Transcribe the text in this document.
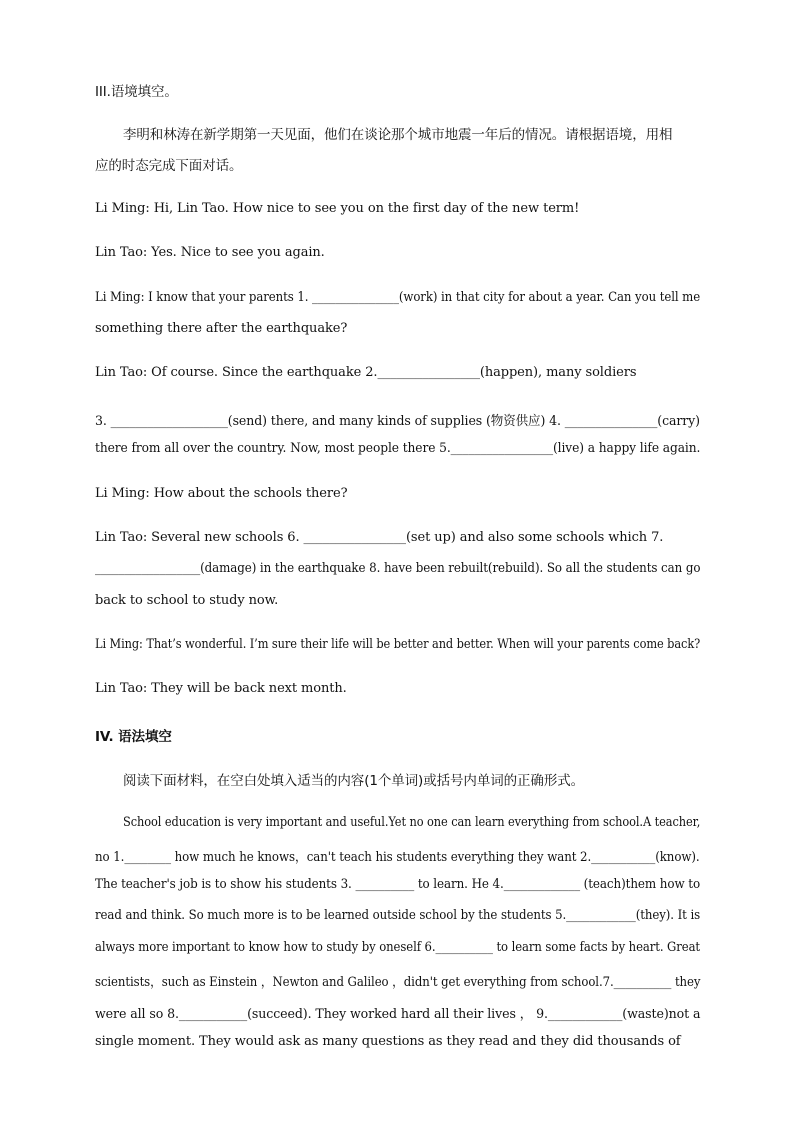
III.语境填空。
李明和林涛在新学期第一天见面，他们在谈论那个城市地震一年后的情况。请根据语境，用相
应的时态完成下面对话。
Li Ming: Hi, Lin Tao. How nice to see you on the first day of the new term!
Lin Tao: Yes. Nice to see you again.
Li Ming: I know that your parents 1. _______________(work) in that city for about a year. Can you tell me
something there after the earthquake?
Lin Tao: Of course. Since the earthquake 2.________________(happen), many soldiers
3. ___________________(send) there, and many kinds of supplies (物资供应) 4. _______________(carry)
there from all over the country. Now, most people there 5._________________(live) a happy life again.
Li Ming: How about the schools there?
Lin Tao: Several new schools 6. ________________(set up) and also some schools which 7.
__________________(damage) in the earthquake 8. have been rebuilt(rebuild). So all the students can go
back to school to study now.
Li Ming: That’s wonderful. I’m sure their life will be better and better. When will your parents come back?
Lin Tao: They will be back next month.
IV. 语法填空
阅读下面材料，在空白处填入适当的内容(1个单词)或括号内单词的正确形式。
School education is very important and useful.Yet no one can learn everything from school.A teacher,
no 1.________ how much he knows，can't teach his students everything they want 2.___________(know).
The teacher's job is to show his students 3. __________ to learn. He 4._____________ (teach)them how to
read and think. So much more is to be learned outside school by the students 5.____________(they). It is
always more important to know how to study by oneself 6.__________ to learn some facts by heart. Great
scientists，such as Einstein ，Newton and Galileo ，didn't get everything from school.7.__________ they
were all so 8.___________(succeed). They worked hard all their lives ， 9.____________(waste)not a
single moment. They would ask as many questions as they read and they did thousands of
